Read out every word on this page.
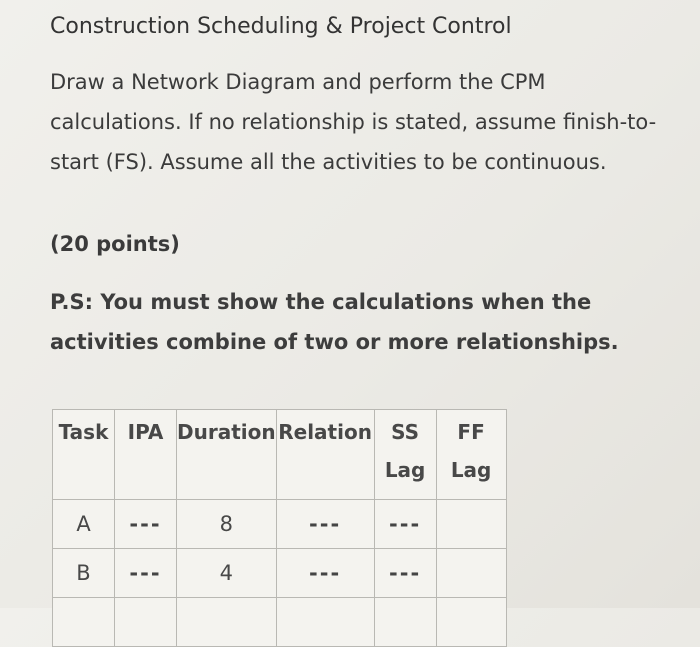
Construction Scheduling & Project Control
Draw a Network Diagram and perform the CPM calculations. If no relationship is stated, assume finish-to-start (FS). Assume all the activities to be continuous.
(20 points)
P.S: You must show the calculations when the activities combine of two or more relationships.
Task	IPA	Duration	Relation	SS Lag	FF Lag
A	---	8	---	---	
B	---	4	---	---	
